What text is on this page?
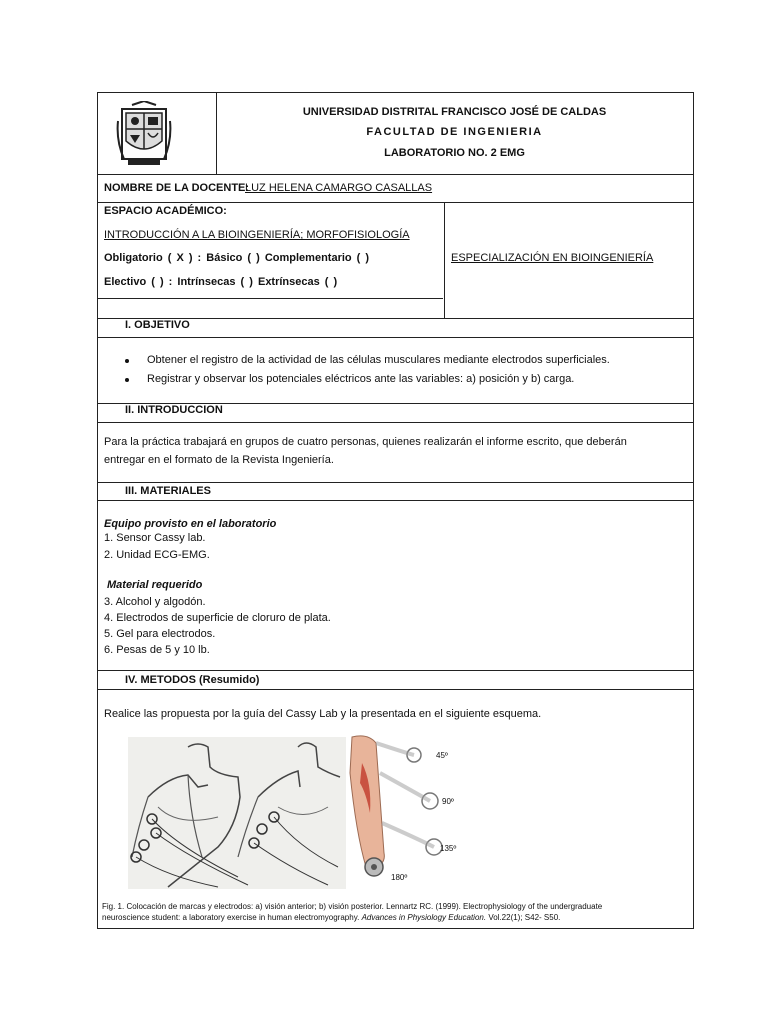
UNIVERSIDAD DISTRITAL FRANCISCO JOSÉ DE CALDAS
FACULTAD DE INGENIERIA
LABORATORIO NO. 2 EMG
NOMBRE DE LA DOCENTE:
LUZ HELENA CAMARGO CASALLAS
ESPACIO ACADÉMICO:
INTRODUCCIÓN A LA BIOINGENIERÍA; MORFOFISIOLOGÍA
Obligatorio ( X ) : Básico ( ) Complementario ( )
Electivo ( ) : Intrínsecas ( ) Extrínsecas ( )
ESPECIALIZACIÓN EN BIOINGENIERÍA
I. OBJETIVO
Obtener el registro de la actividad de las células musculares mediante electrodos superficiales.
Registrar y observar los potenciales eléctricos ante las variables: a) posición y b) carga.
II. INTRODUCCION
Para la práctica trabajará en grupos de cuatro personas, quienes realizarán el informe escrito, que deberán
entregar en el formato de la Revista Ingeniería.
III. MATERIALES
Equipo provisto en el laboratorio
1. Sensor Cassy lab.
2. Unidad ECG-EMG.
Material requerido
3. Alcohol y algodón.
4. Electrodos de superficie de cloruro de plata.
5. Gel para electrodos.
6. Pesas de 5 y 10 lb.
IV. METODOS (Resumido)
Realice las propuesta por la guía del Cassy Lab y la presentada en el siguiente esquema.
45º
90º
135º
180º
Fig. 1. Colocación de marcas y electrodos: a) visión anterior; b) visión posterior. Lennartz RC. (1999). Electrophysiology of the undergraduate
neuroscience student: a laboratory exercise in human electromyography. Advances in Physiology Education. Vol.22(1); S42- S50.
